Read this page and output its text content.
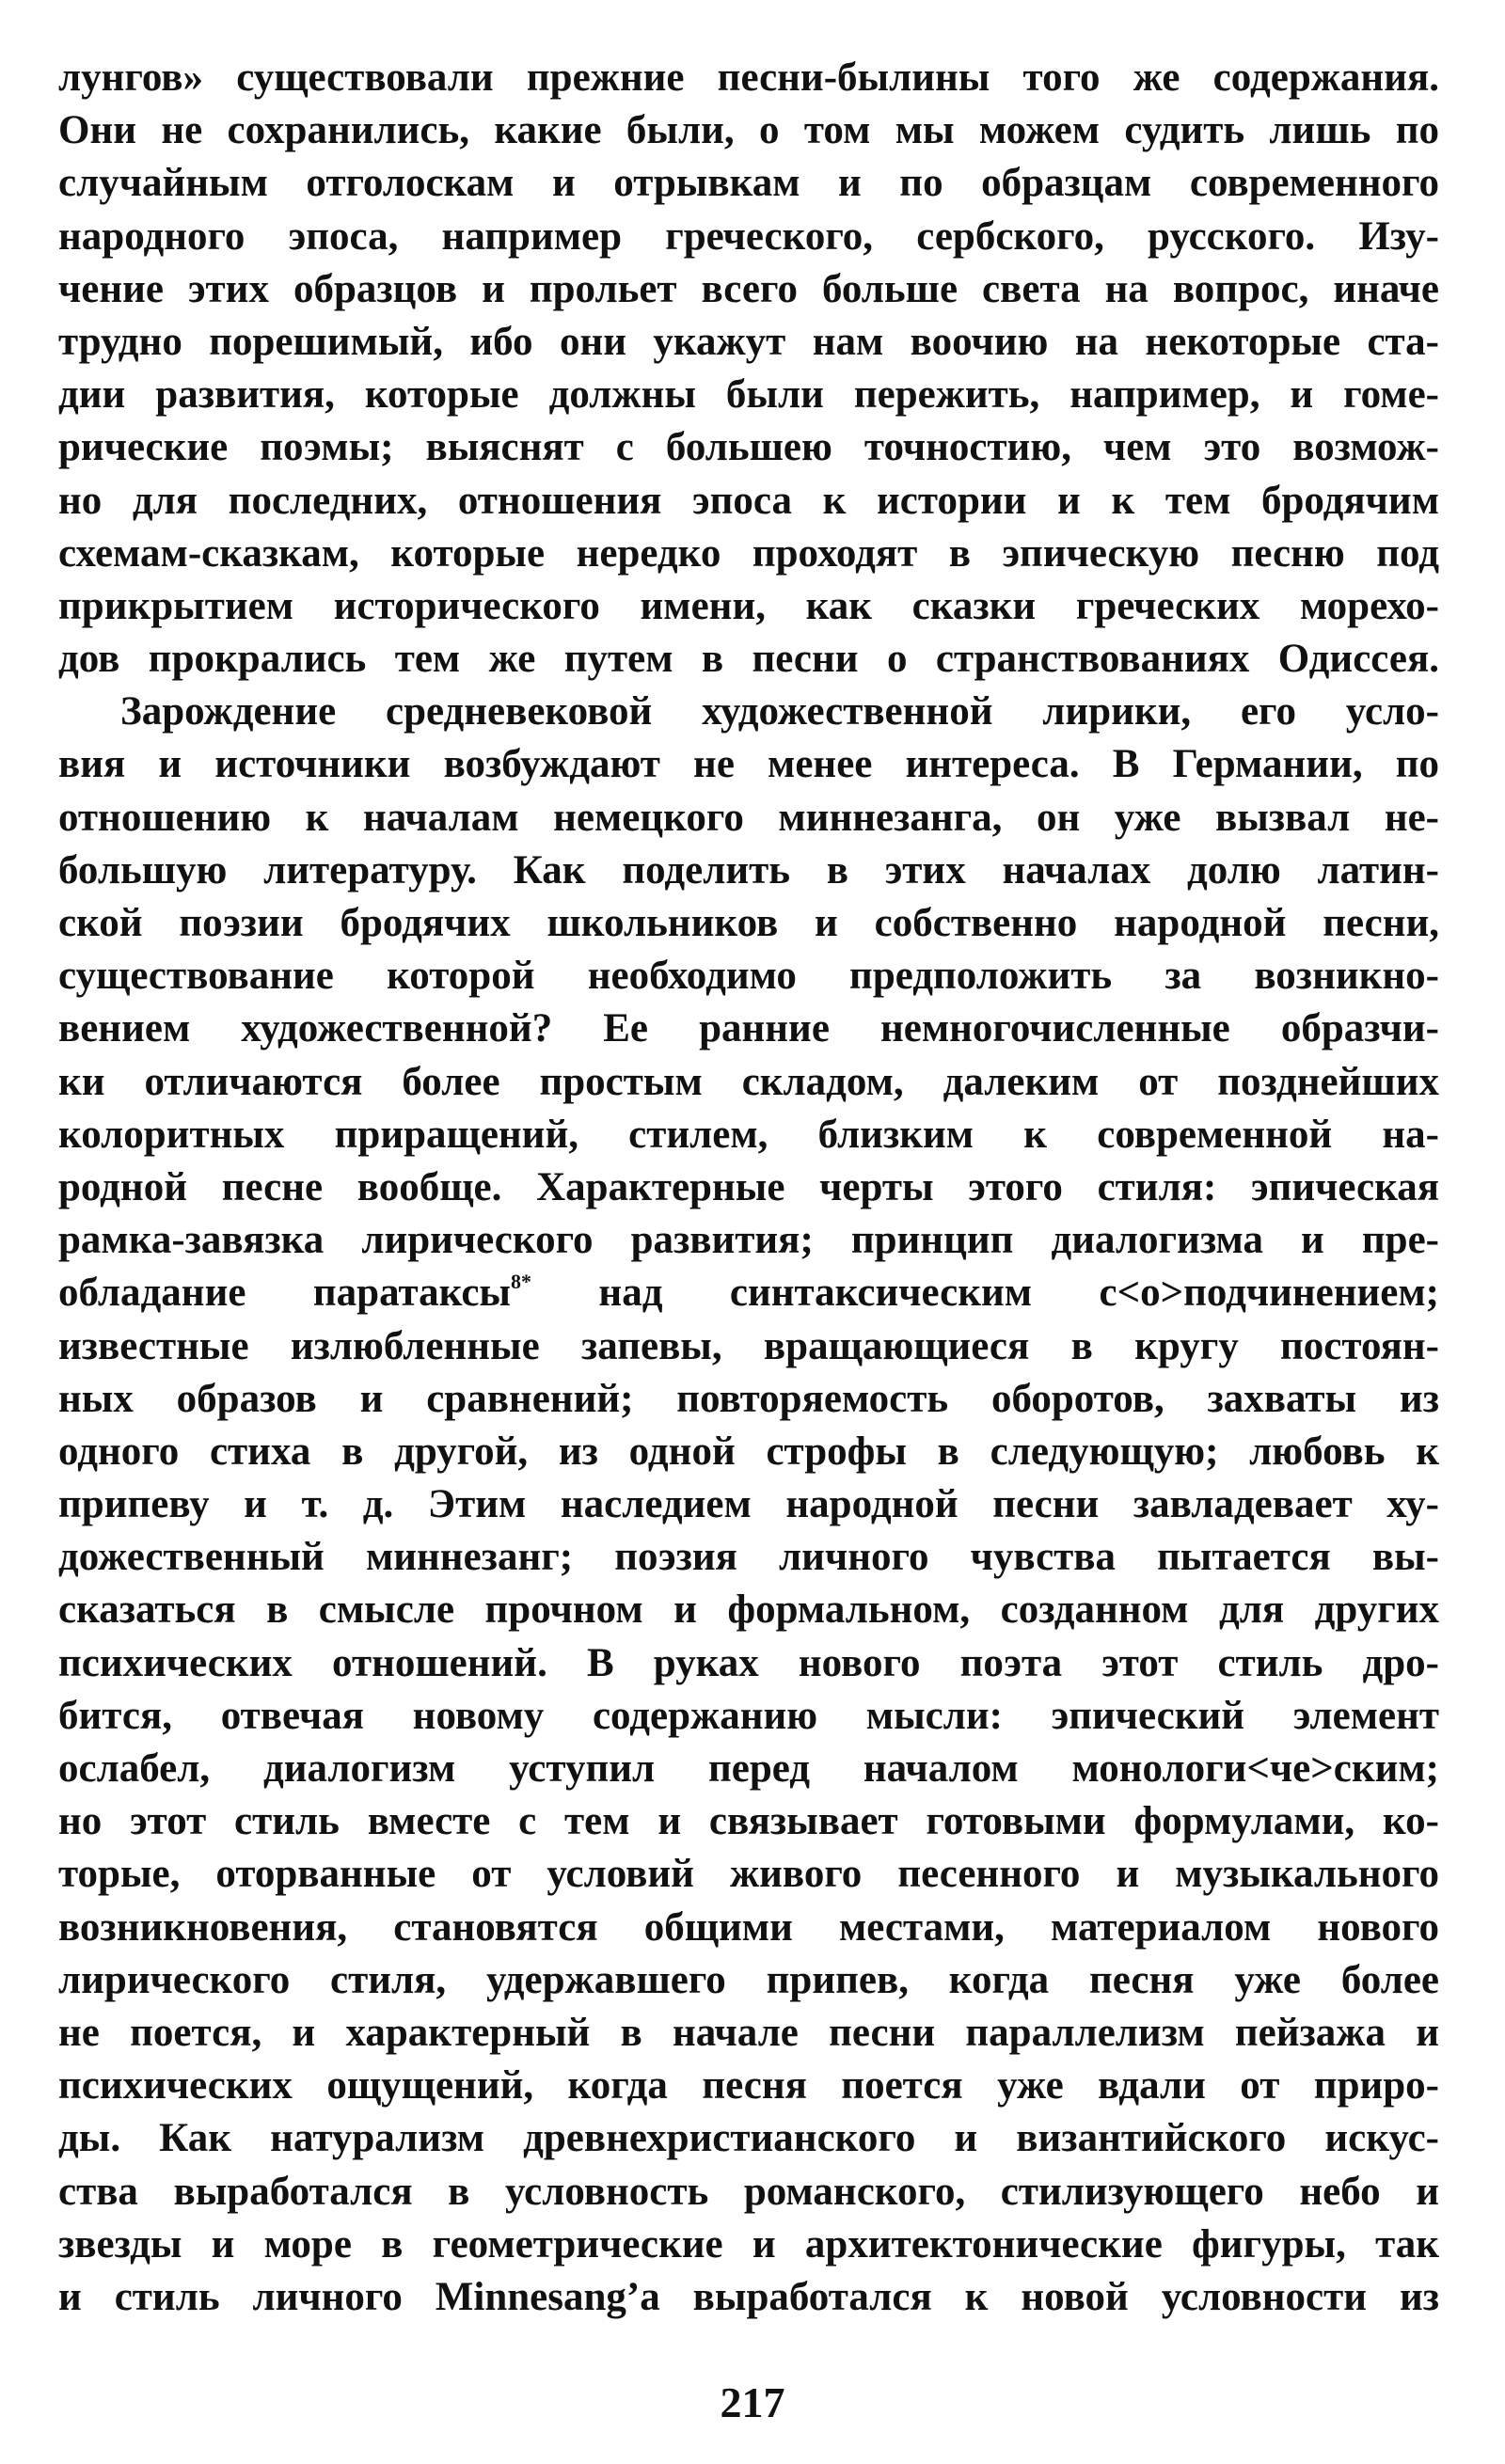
лунгов» существовали прежние песни-былины того же содержания.
Они не сохранились, какие были, о том мы можем судить лишь по
случайным отголоскам и отрывкам и по образцам современного
народного эпоса, например греческого, сербского, русского. Изу-
чение этих образцов и прольет всего больше света на вопрос, иначе
трудно порешимый, ибо они укажут нам воочию на некоторые ста-
дии развития, которые должны были пережить, например, и гоме-
рические поэмы; выяснят с большею точностию, чем это возмож-
но для последних, отношения эпоса к истории и к тем бродячим
схемам-сказкам, которые нередко проходят в эпическую песню под
прикрытием исторического имени, как сказки греческих морехо-
дов прокрались тем же путем в песни о странствованиях Одиссея.
Зарождение средневековой художественной лирики, его усло-
вия и источники возбуждают не менее интереса. В Германии, по
отношению к началам немецкого миннезанга, он уже вызвал не-
большую литературу. Как поделить в этих началах долю латин-
ской поэзии бродячих школьников и собственно народной песни,
существование которой необходимо предположить за возникно-
вением художественной? Ее ранние немногочисленные образчи-
ки отличаются более простым складом, далеким от позднейших
колоритных приращений, стилем, близким к современной на-
родной песне вообще. Характерные черты этого стиля: эпическая
рамка-завязка лирического развития; принцип диалогизма и пре-
обладание паратаксы$^{8*}$ над синтаксическим с<о>подчинением;
известные излюбленные запевы, вращающиеся в кругу постоян-
ных образов и сравнений; повторяемость оборотов, захваты из
одного стиха в другой, из одной строфы в следующую; любовь к
припеву и т. д. Этим наследием народной песни завладевает ху-
дожественный миннезанг; поэзия личного чувства пытается вы-
сказаться в смысле прочном и формальном, созданном для других
психических отношений. В руках нового поэта этот стиль дро-
бится, отвечая новому содержанию мысли: эпический элемент
ослабел, диалогизм уступил перед началом монологи<че>ским;
но этот стиль вместе с тем и связывает готовыми формулами, ко-
торые, оторванные от условий живого песенного и музыкального
возникновения, становятся общими местами, материалом нового
лирического стиля, удержавшего припев, когда песня уже более
не поется, и характерный в начале песни параллелизм пейзажа и
психических ощущений, когда песня поется уже вдали от приро-
ды. Как натурализм древнехристианского и византийского искус-
ства выработался в условность романского, стилизующего небо и
звезды и море в геометрические и архитектонические фигуры, так
и стиль личного Minnesang’a выработался к новой условности из
217
